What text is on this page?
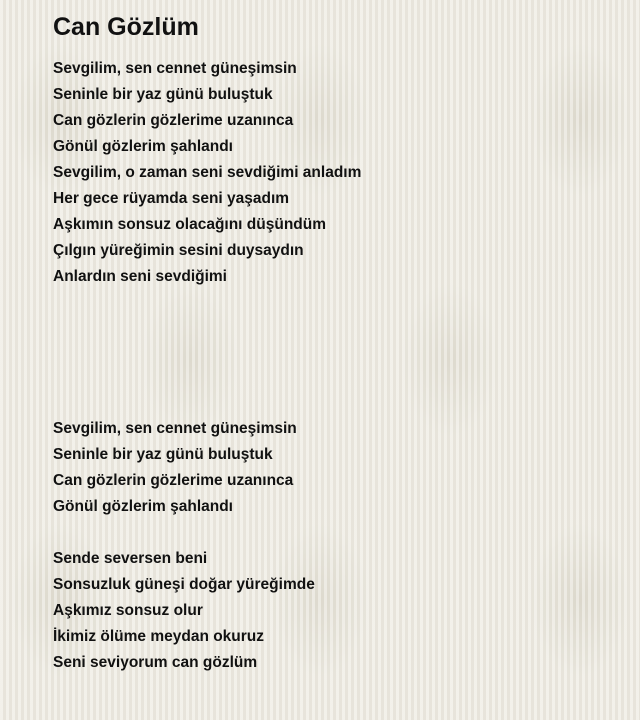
Can Gözlüm
Sevgilim, sen cennet güneşimsin
Seninle bir yaz günü buluştuk
Can gözlerin gözlerime uzanınca
Gönül gözlerim şahlandı
Sevgilim, o zaman seni sevdiğimi anladım
Her gece rüyamda seni yaşadım
Aşkımın sonsuz olacağını düşündüm
Çılgın yüreğimin sesini duysaydın
Anlardın seni sevdiğimi
Sevgilim, sen cennet güneşimsin
Seninle bir yaz günü buluştuk
Can gözlerin gözlerime uzanınca
Gönül gözlerim şahlandı
Sende seversen beni
Sonsuzluk güneşi doğar yüreğimde
Aşkımız sonsuz olur
İkimiz ölüme meydan okuruz
Seni seviyorum can gözlüm
